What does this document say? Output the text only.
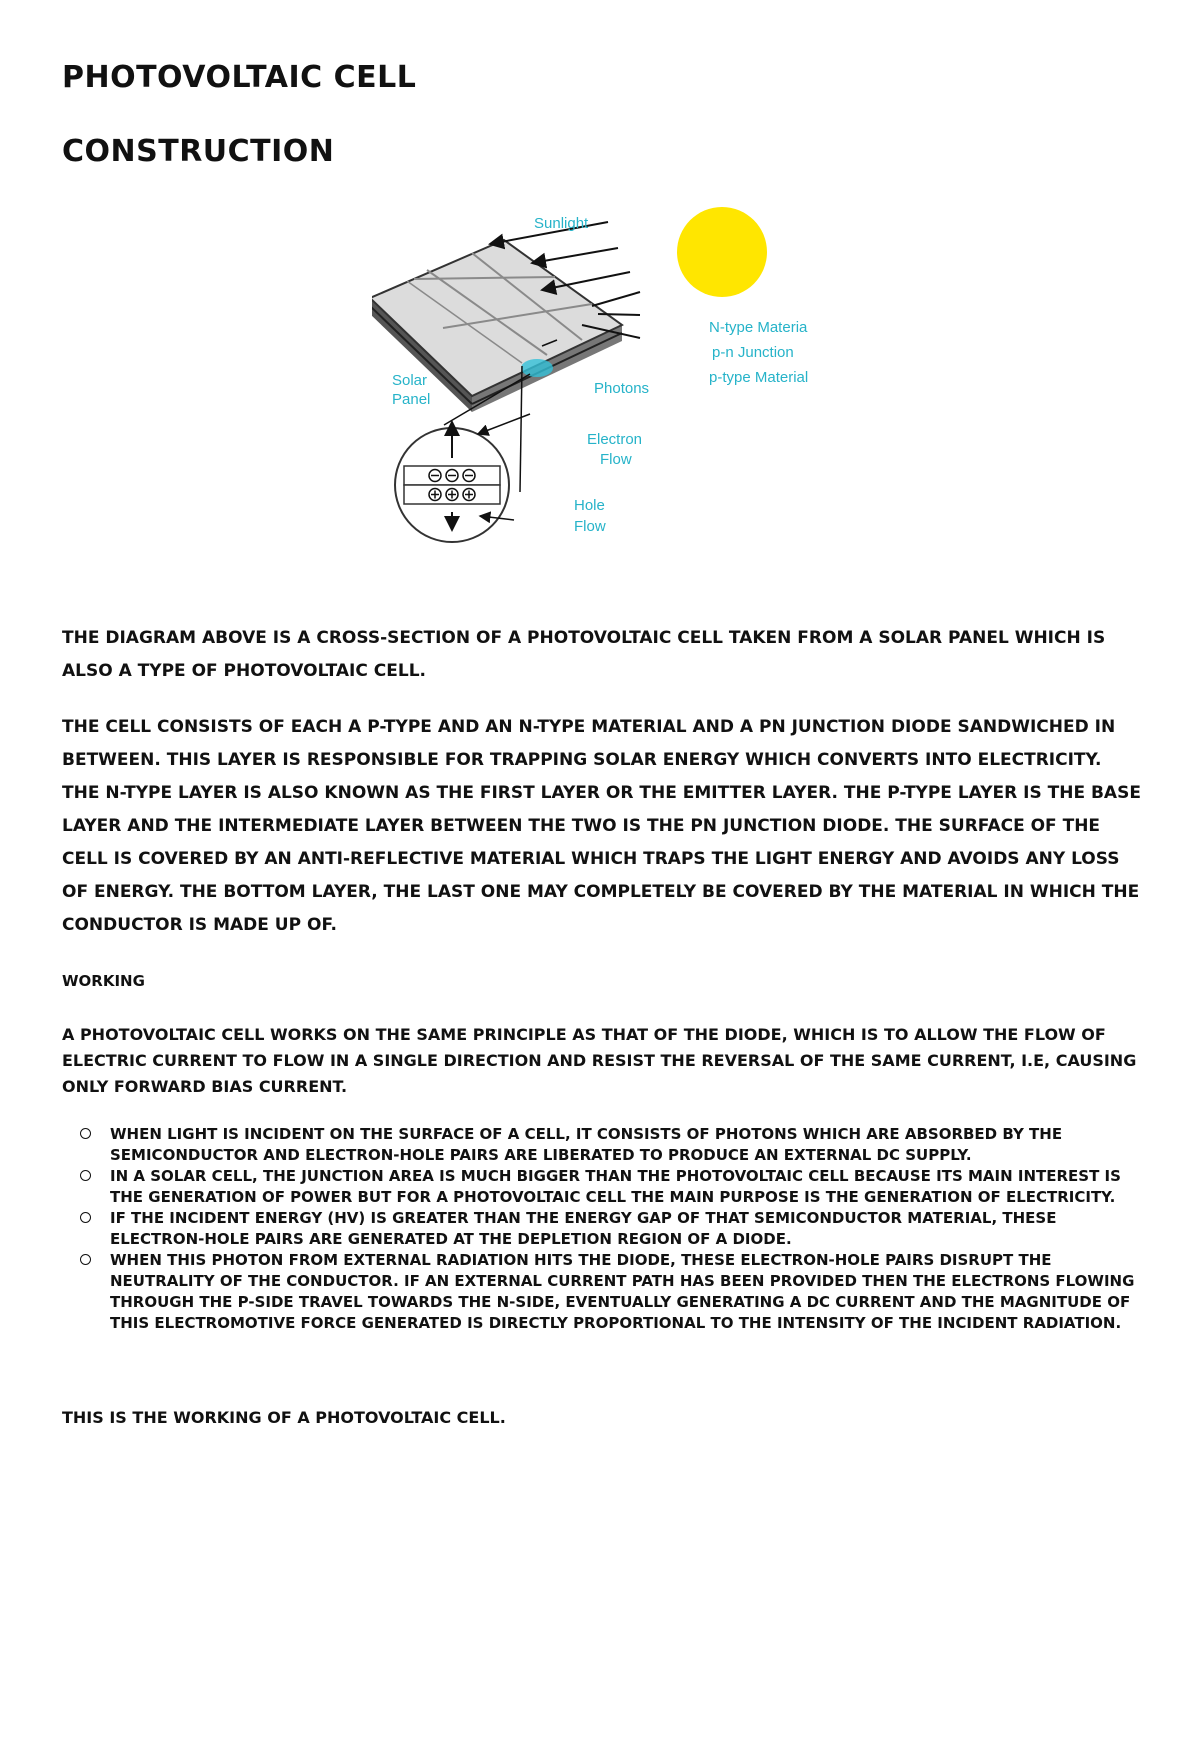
PHOTOVOLTAIC CELL
CONSTRUCTION
Sunlight
N-type Materia
p-n Junction
p-type Material
Solar
Panel
Photons
Electron
Flow
Hole
Flow

THE DIAGRAM ABOVE IS A CROSS-SECTION OF A PHOTOVOLTAIC CELL TAKEN FROM A SOLAR PANEL WHICH IS ALSO A TYPE OF PHOTOVOLTAIC CELL.

THE CELL CONSISTS OF EACH A P-TYPE AND AN N-TYPE MATERIAL AND A PN JUNCTION DIODE SANDWICHED IN BETWEEN. THIS LAYER IS RESPONSIBLE FOR TRAPPING SOLAR ENERGY WHICH CONVERTS INTO ELECTRICITY. THE N-TYPE LAYER IS ALSO KNOWN AS THE FIRST LAYER OR THE EMITTER LAYER. THE P-TYPE LAYER IS THE BASE LAYER AND THE INTERMEDIATE LAYER BETWEEN THE TWO IS THE PN JUNCTION DIODE. THE SURFACE OF THE CELL IS COVERED BY AN ANTI-REFLECTIVE MATERIAL WHICH TRAPS THE LIGHT ENERGY AND AVOIDS ANY LOSS OF ENERGY. THE BOTTOM LAYER, THE LAST ONE MAY COMPLETELY BE COVERED BY THE MATERIAL IN WHICH THE CONDUCTOR IS MADE UP OF.

WORKING

A PHOTOVOLTAIC CELL WORKS ON THE SAME PRINCIPLE AS THAT OF THE DIODE, WHICH IS TO ALLOW THE FLOW OF ELECTRIC CURRENT TO FLOW IN A SINGLE DIRECTION AND RESIST THE REVERSAL OF THE SAME CURRENT, I.E, CAUSING ONLY FORWARD BIAS CURRENT.

WHEN LIGHT IS INCIDENT ON THE SURFACE OF A CELL, IT CONSISTS OF PHOTONS WHICH ARE ABSORBED BY THE SEMICONDUCTOR AND ELECTRON-HOLE PAIRS ARE LIBERATED TO PRODUCE AN EXTERNAL DC SUPPLY.
IN A SOLAR CELL, THE JUNCTION AREA IS MUCH BIGGER THAN THE PHOTOVOLTAIC CELL BECAUSE ITS MAIN INTEREST IS THE GENERATION OF POWER BUT FOR A PHOTOVOLTAIC CELL THE MAIN PURPOSE IS THE GENERATION OF ELECTRICITY.
IF THE INCIDENT ENERGY (HV) IS GREATER THAN THE ENERGY GAP OF THAT SEMICONDUCTOR MATERIAL, THESE ELECTRON-HOLE PAIRS ARE GENERATED AT THE DEPLETION REGION OF A DIODE.
WHEN THIS PHOTON FROM EXTERNAL RADIATION HITS THE DIODE, THESE ELECTRON-HOLE PAIRS DISRUPT THE NEUTRALITY OF THE CONDUCTOR. IF AN EXTERNAL CURRENT PATH HAS BEEN PROVIDED THEN THE ELECTRONS FLOWING THROUGH THE P-SIDE TRAVEL TOWARDS THE N-SIDE, EVENTUALLY GENERATING A DC CURRENT AND THE MAGNITUDE OF THIS ELECTROMOTIVE FORCE GENERATED IS DIRECTLY PROPORTIONAL TO THE INTENSITY OF THE INCIDENT RADIATION.

THIS IS THE WORKING OF A PHOTOVOLTAIC CELL.
